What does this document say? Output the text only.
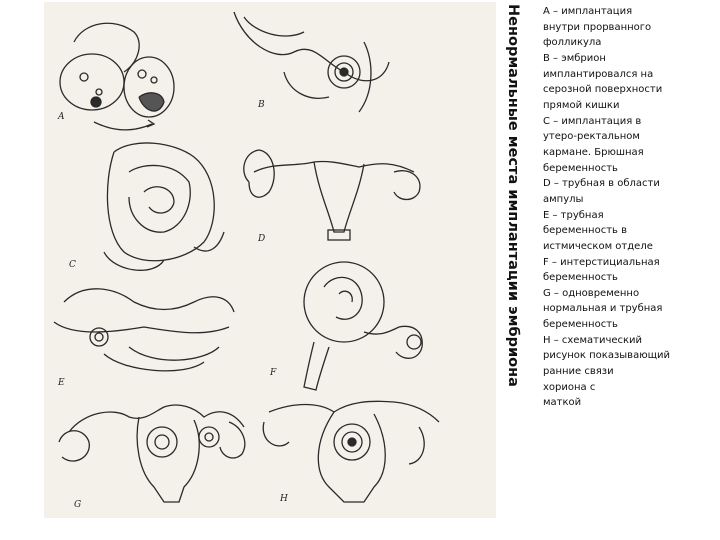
A
B
C
D
E
F
G
H
Ненормальные места имплантации эмбриона	A – имплантация

внутри прорванного

фолликула

B – эмбрион

имплантировался на

серозной поверхности

прямой кишки

C – имплантация в

утеро-ректальном

кармане. Брюшная

беременность

D – трубная в области

ампулы

E – трубная

беременность в

истмическом отделе

F – интерстициальная

беременность

G – одновременно

нормальная и трубная

беременность

H – схематический

рисунок показывающий

ранние связи

хориона с

маткой
